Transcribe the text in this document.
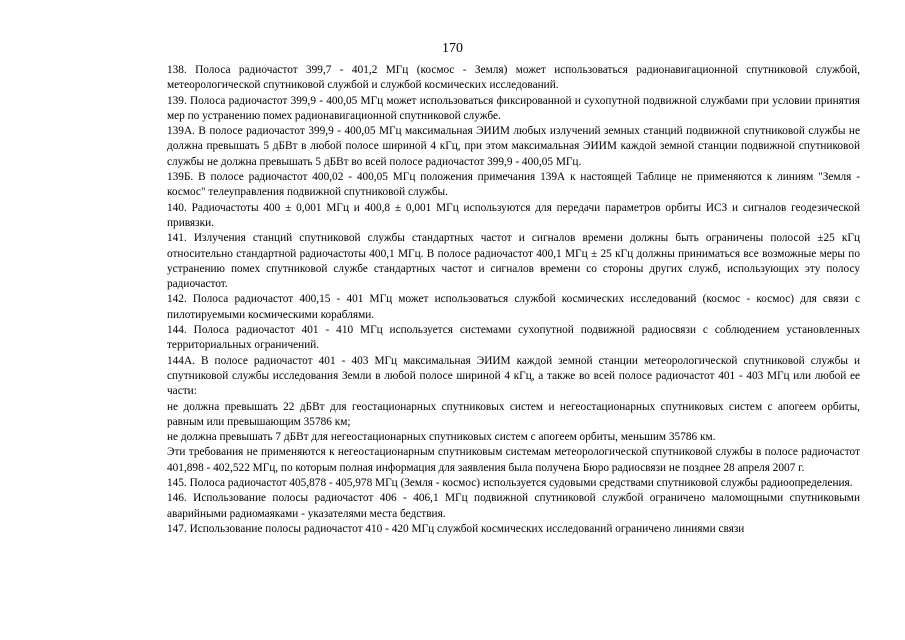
170

138. Полоса радиочастот 399,7 - 401,2 МГц (космос - Земля) может использоваться радионавигационной спутниковой службой, метеорологической спутниковой службой и службой космических исследований.

139. Полоса радиочастот 399,9 - 400,05 МГц может использоваться фиксированной и сухопутной подвижной службами при условии принятия мер по устранению помех радионавигационной спутниковой службе.

139А. В полосе радиочастот 399,9 - 400,05 МГц максимальная ЭИИМ любых излучений земных станций подвижной спутниковой службы не должна превышать 5 дБВт в любой полосе шириной 4 кГц, при этом максимальная ЭИИМ каждой земной станции подвижной спутниковой службы не должна превышать 5 дБВт во всей полосе радиочастот 399,9 - 400,05 МГц.

139Б. В полосе радиочастот 400,02 - 400,05 МГц положения примечания 139А к настоящей Таблице не применяются к линиям "Земля - космос" телеуправления подвижной спутниковой службы.

140. Радиочастоты 400 ± 0,001 МГц и 400,8 ± 0,001 МГц используются для передачи параметров орбиты ИСЗ и сигналов геодезической привязки.

141. Излучения станций спутниковой службы стандартных частот и сигналов времени должны быть ограничены полосой ±25 кГц относительно стандартной радиочастоты 400,1 МГц. В полосе радиочастот 400,1 МГц ± 25 кГц должны приниматься все возможные меры по устранению помех спутниковой службе стандартных частот и сигналов времени со стороны других служб, использующих эту полосу радиочастот.

142. Полоса радиочастот 400,15 - 401 МГц может использоваться службой космических исследований (космос - космос) для связи с пилотируемыми космическими кораблями.

144. Полоса радиочастот 401 - 410 МГц используется системами сухопутной подвижной радиосвязи с соблюдением установленных территориальных ограничений.

144А. В полосе радиочастот 401 - 403 МГц максимальная ЭИИМ каждой земной станции метеорологической спутниковой службы и спутниковой службы исследования Земли в любой полосе шириной 4 кГц, а также во всей полосе радиочастот 401 - 403 МГц или любой ее части:

не должна превышать 22 дБВт для геостационарных спутниковых систем и негеостационарных спутниковых систем с апогеем орбиты, равным или превышающим 35786 км;

не должна превышать 7 дБВт для негеостационарных спутниковых систем с апогеем орбиты, меньшим 35786 км.

Эти требования не применяются к негеостационарным спутниковым системам метеорологической спутниковой службы в полосе радиочастот 401,898 - 402,522 МГц, по которым полная информация для заявления была получена Бюро радиосвязи не позднее 28 апреля 2007 г.

145. Полоса радиочастот 405,878 - 405,978 МГц (Земля - космос) используется судовыми средствами спутниковой службы радиоопределения.

146. Использование полосы радиочастот 406 - 406,1 МГц подвижной спутниковой службой ограничено маломощными спутниковыми аварийными радиомаяками - указателями места бедствия.

147. Использование полосы радиочастот 410 - 420 МГц службой космических исследований ограничено линиями связи
